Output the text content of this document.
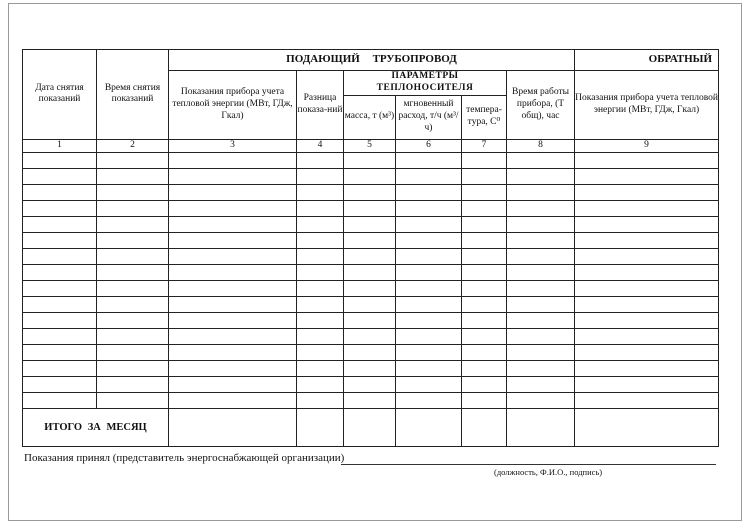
Дата снятия показаний	Время снятия показаний	ПОДАЮЩИЙ ТРУБОПРОВОД						ОБРАТНЫЙ
		Показания прибора учета тепловой энергии (МВт, ГДж, Гкал)	Разница показа-ний	ПАРАМЕТРЫ ТЕПЛОНОСИТЕЛЯ			Время работы прибора, (Т общ), час	Показания прибора учета тепловой энергии (МВт, ГДж, Гкал)
				масса, т (м³)	мгновенный расход, т/ч (м³/ч)	темпера-тура, С⁰		
1	2	3	4	5	6	7	8	9

ИТОГО ЗА МЕСЯЦ								
Показания принял (представитель энергоснабжающей организации)
(должность, Ф.И.О., подпись)
